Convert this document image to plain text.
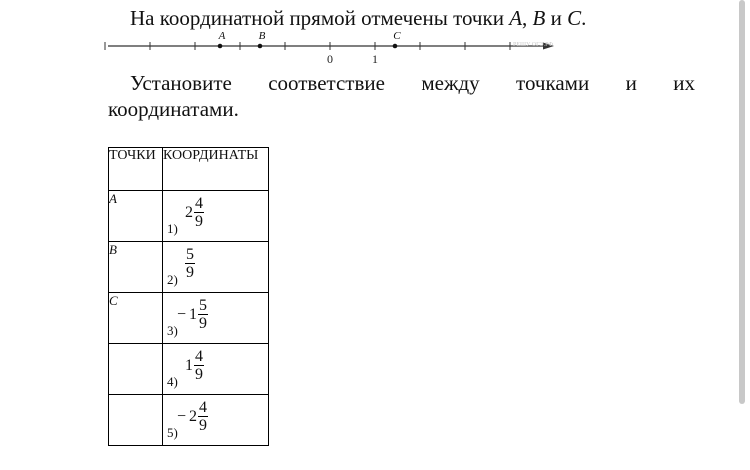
На координатной прямой отмечены точки A, B и C.
0	1
A	B	C
РЕШУ ОГЭ.РФ
Установите соответствие между точками и их
координатами.
ТОЧКИ	КООРДИНАТЫ
A	1)
$2 \frac{4}{9}$

B	$2) \frac{5}{9}$

C	3)
− $1 \frac{5}{9}$

	4)
$1 \frac{4}{9}$

	5)
− $2 \frac{4}{9}$
